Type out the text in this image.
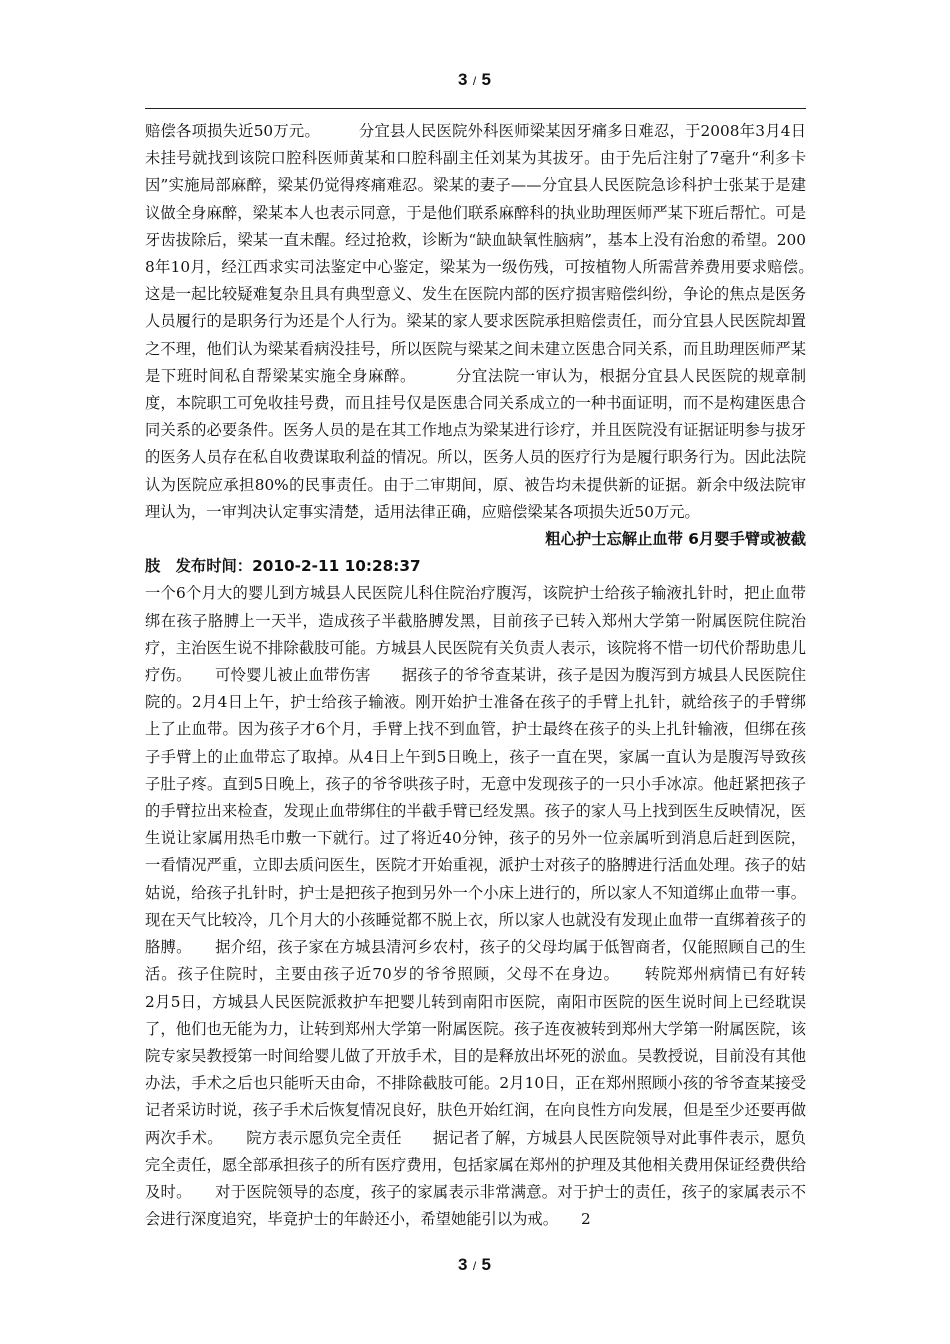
3 / 5

赔偿各项损失近50万元。　　　分宜县人民医院外科医师梁某因牙痛多日难忍，于2008年3月4日未挂号就找到该院口腔科医师黄某和口腔科副主任刘某为其拔牙。由于先后注射了7毫升“利多卡因”实施局部麻醉，梁某仍觉得疼痛难忍。梁某的妻子——分宜县人民医院急诊科护士张某于是建议做全身麻醉，梁某本人也表示同意，于是他们联系麻醉科的执业助理医师严某下班后帮忙。可是牙齿拔除后，梁某一直未醒。经过抢救，诊断为“缺血缺氧性脑病”，基本上没有治愈的希望。2008年10月，经江西求实司法鉴定中心鉴定，梁某为一级伤残，可按植物人所需营养费用要求赔偿。　　　这是一起比较疑难复杂且具有典型意义、发生在医院内部的医疗损害赔偿纠纷，争论的焦点是医务人员履行的是职务行为还是个人行为。梁某的家人要求医院承担赔偿责任，而分宜县人民医院却置之不理，他们认为梁某看病没挂号，所以医院与梁某之间未建立医患合同关系，而且助理医师严某是下班时间私自帮梁某实施全身麻醉。　　　分宜法院一审认为，根据分宜县人民医院的规章制度，本院职工可免收挂号费，而且挂号仅是医患合同关系成立的一种书面证明，而不是构建医患合同关系的必要条件。医务人员的是在其工作地点为梁某进行诊疗，并且医院没有证据证明参与拔牙的医务人员存在私自收费谋取利益的情况。所以，医务人员的医疗行为是履行职务行为。因此法院认为医院应承担80%的民事责任。由于二审期间，原、被告均未提供新的证据。新余中级法院审理认为，一审判决认定事实清楚，适用法律正确，应赔偿梁某各项损失近50万元。

粗心护士忘解止血带 6月婴手臂或被截

肢　发布时间：2010-2-11 10:28:37

一个6个月大的婴儿到方城县人民医院儿科住院治疗腹泻，该院护士给孩子输液扎针时，把止血带绑在孩子胳膊上一天半，造成孩子半截胳膊发黑，目前孩子已转入郑州大学第一附属医院住院治疗，主治医生说不排除截肢可能。方城县人民医院有关负责人表示，该院将不惜一切代价帮助患儿疗伤。　　可怜婴儿被止血带伤害　　据孩子的爷爷查某讲，孩子是因为腹泻到方城县人民医院住院的。2月4日上午，护士给孩子输液。刚开始护士准备在孩子的手臂上扎针，就给孩子的手臂绑上了止血带。因为孩子才6个月，手臂上找不到血管，护士最终在孩子的头上扎针输液，但绑在孩子手臂上的止血带忘了取掉。从4日上午到5日晚上，孩子一直在哭，家属一直认为是腹泻导致孩子肚子疼。直到5日晚上，孩子的爷爷哄孩子时，无意中发现孩子的一只小手冰凉。他赶紧把孩子的手臂拉出来检查，发现止血带绑住的半截手臂已经发黑。孩子的家人马上找到医生反映情况，医生说让家属用热毛巾敷一下就行。过了将近40分钟，孩子的另外一位亲属听到消息后赶到医院，一看情况严重，立即去质问医生，医院才开始重视，派护士对孩子的胳膊进行活血处理。孩子的姑姑说，给孩子扎针时，护士是把孩子抱到另外一个小床上进行的，所以家人不知道绑止血带一事。现在天气比较冷，几个月大的小孩睡觉都不脱上衣，所以家人也就没有发现止血带一直绑着孩子的胳膊。　　据介绍，孩子家在方城县清河乡农村，孩子的父母均属于低智商者，仅能照顾自己的生活。孩子住院时，主要由孩子近70岁的爷爷照顾，父母不在身边。　　转院郑州病情已有好转　　2月5日，方城县人民医院派救护车把婴儿转到南阳市医院，南阳市医院的医生说时间上已经耽误了，他们也无能为力，让转到郑州大学第一附属医院。孩子连夜被转到郑州大学第一附属医院，该院专家吴教授第一时间给婴儿做了开放手术，目的是释放出坏死的淤血。吴教授说，目前没有其他办法，手术之后也只能听天由命，不排除截肢可能。2月10日，正在郑州照顾小孩的爷爷查某接受记者采访时说，孩子手术后恢复情况良好，肤色开始红润，在向良性方向发展，但是至少还要再做两次手术。　　院方表示愿负完全责任　　据记者了解，方城县人民医院领导对此事件表示，愿负完全责任，愿全部承担孩子的所有医疗费用，包括家属在郑州的护理及其他相关费用保证经费供给及时。　　对于医院领导的态度，孩子的家属表示非常满意。对于护士的责任，孩子的家属表示不会进行深度追究，毕竟护士的年龄还小，希望她能引以为戒。　　2

3 / 5
